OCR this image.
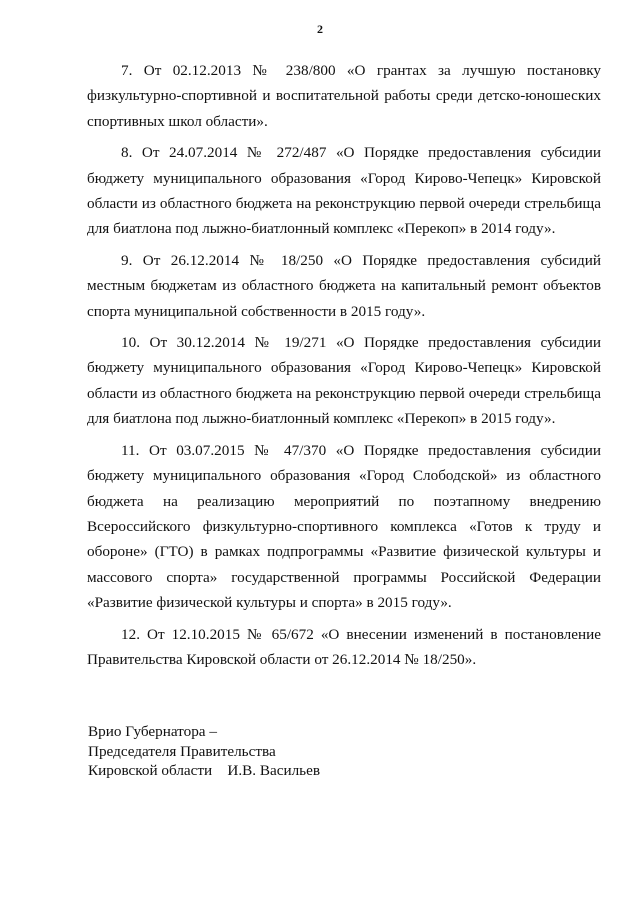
2

7. От 02.12.2013 № 238/800 «О грантах за лучшую постановку физкультурно-спортивной и воспитательной работы среди детско-юношеских спортивных школ области».

8. От 24.07.2014 № 272/487 «О Порядке предоставления субсидии бюджету муниципального образования «Город Кирово-Чепецк» Кировской области из областного бюджета на реконструкцию первой очереди стрельбища для биатлона под лыжно-биатлонный комплекс «Перекоп» в 2014 году».

9. От 26.12.2014 № 18/250 «О Порядке предоставления субсидий местным бюджетам из областного бюджета на капитальный ремонт объектов спорта муниципальной собственности в 2015 году».

10. От 30.12.2014 № 19/271 «О Порядке предоставления субсидии бюджету муниципального образования «Город Кирово-Чепецк» Кировской области из областного бюджета на реконструкцию первой очереди стрельбища для биатлона под лыжно-биатлонный комплекс «Перекоп» в 2015 году».

11. От 03.07.2015 № 47/370 «О Порядке предоставления субсидии бюджету муниципального образования «Город Слободской» из областного бюджета на реализацию мероприятий по поэтапному внедрению Всероссийского физкультурно-спортивного комплекса «Готов к труду и обороне» (ГТО) в рамках подпрограммы «Развитие физической культуры и массового спорта» государственной программы Российской Федерации «Развитие физической культуры и спорта» в 2015 году».

12. От 12.10.2015 № 65/672 «О внесении изменений в постановление Правительства Кировской области от 26.12.2014 № 18/250».

Врио Губернатора –
Председателя Правительства
Кировской области    И.В. Васильев
